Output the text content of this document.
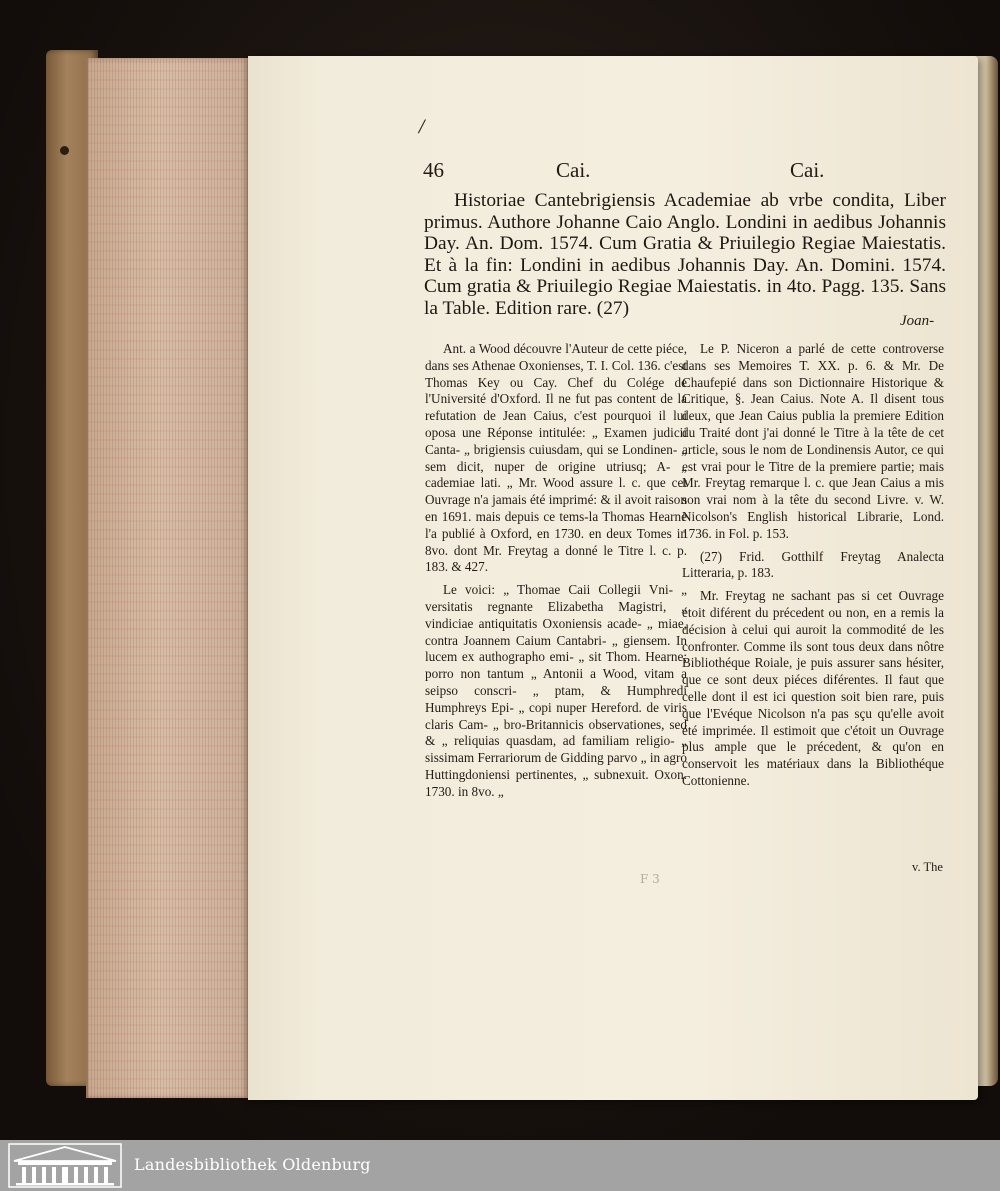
/
46	Cai.	Cai.

Historiae Cantebrigiensis Academiae ab vrbe condita, Liber primus. Authore Johanne Caio Anglo. Londini in aedibus Johannis Day. An. Dom. 1574. Cum Gratia & Priuilegio Regiae Maiestatis. Et à la fin: Londini in aedibus Johannis Day. An. Domini. 1574. Cum gratia & Priuilegio Regiae Maiestatis. in 4to. Pagg. 135. Sans la Table. Edition rare. (27)

Joan-

Ant. a Wood découvre l'Auteur de cette piéce, dans ses Athenae Oxonienses, T. I. Col. 136. c'est Thomas Key ou Cay. Chef du Colége de l'Université d'Oxford. Il ne fut pas content de la refutation de Jean Caius, c'est pourquoi il lui oposa une Réponse intitulée: „ Examen judicii Canta- „ brigiensis cuiusdam, qui se Londinen- „ sem dicit, nuper de origine utriusq; A- „ cademiae lati. „ Mr. Wood assure l. c. que cet Ouvrage n'a jamais été imprimé: & il avoit raison en 1691. mais depuis ce tems-la Thomas Hearne l'a publié à Oxford, en 1730. en deux Tomes in 8vo. dont Mr. Freytag a donné le Titre l. c. p. 183. & 427.

Le voici: „ Thomae Caii Collegii Vni- „ versitatis regnante Elizabetha Magistri, „ vindiciae antiquitatis Oxoniensis acade- „ miae, contra Joannem Caium Cantabri- „ giensem. In lucem ex authographo emi- „ sit Thom. Hearne; porro non tantum „ Antonii a Wood, vitam a seipso conscri- „ ptam, & Humphredi Humphreys Epi- „ copi nuper Hereford. de viris claris Cam- „ bro-Britannicis observationes, sed & „ reliquias quasdam, ad familiam religio- „ sissimam Ferrariorum de Gidding parvo „ in agro Huttingdoniensi pertinentes, „ subnexuit. Oxon. 1730. in 8vo. „

Le P. Niceron a parlé de cette controverse dans ses Memoires T. XX. p. 6. & Mr. De Chaufepié dans son Dictionnaire Historique & Critique, §. Jean Caius. Note A. Il disent tous deux, que Jean Caius publia la premiere Edition du Traité dont j'ai donné le Titre à la tête de cet article, sous le nom de Londinensis Autor, ce qui est vrai pour le Titre de la premiere partie; mais Mr. Freytag remarque l. c. que Jean Caius a mis son vrai nom à la tête du second Livre. v. W. Nicolson's English historical Librarie, Lond. 1736. in Fol. p. 153.

(27) Frid. Gotthilf Freytag Analecta Litteraria, p. 183.

Mr. Freytag ne sachant pas si cet Ouvrage étoit diférent du précedent ou non, en a remis la décision à celui qui auroit la commodité de les confronter. Comme ils sont tous deux dans nôtre Bibliothéque Roiale, je puis assurer sans hésiter, que ce sont deux piéces diférentes. Il faut que celle dont il est ici question soit bien rare, puis que l'Evéque Nicolson n'a pas sçu qu'elle avoit été imprimée. Il estimoit que c'étoit un Ouvrage plus ample que le précedent, & qu'on en conservoit les matériaux dans la Bibliothéque Cottonienne.

v. The
F 3
Landesbibliothek Oldenburg
